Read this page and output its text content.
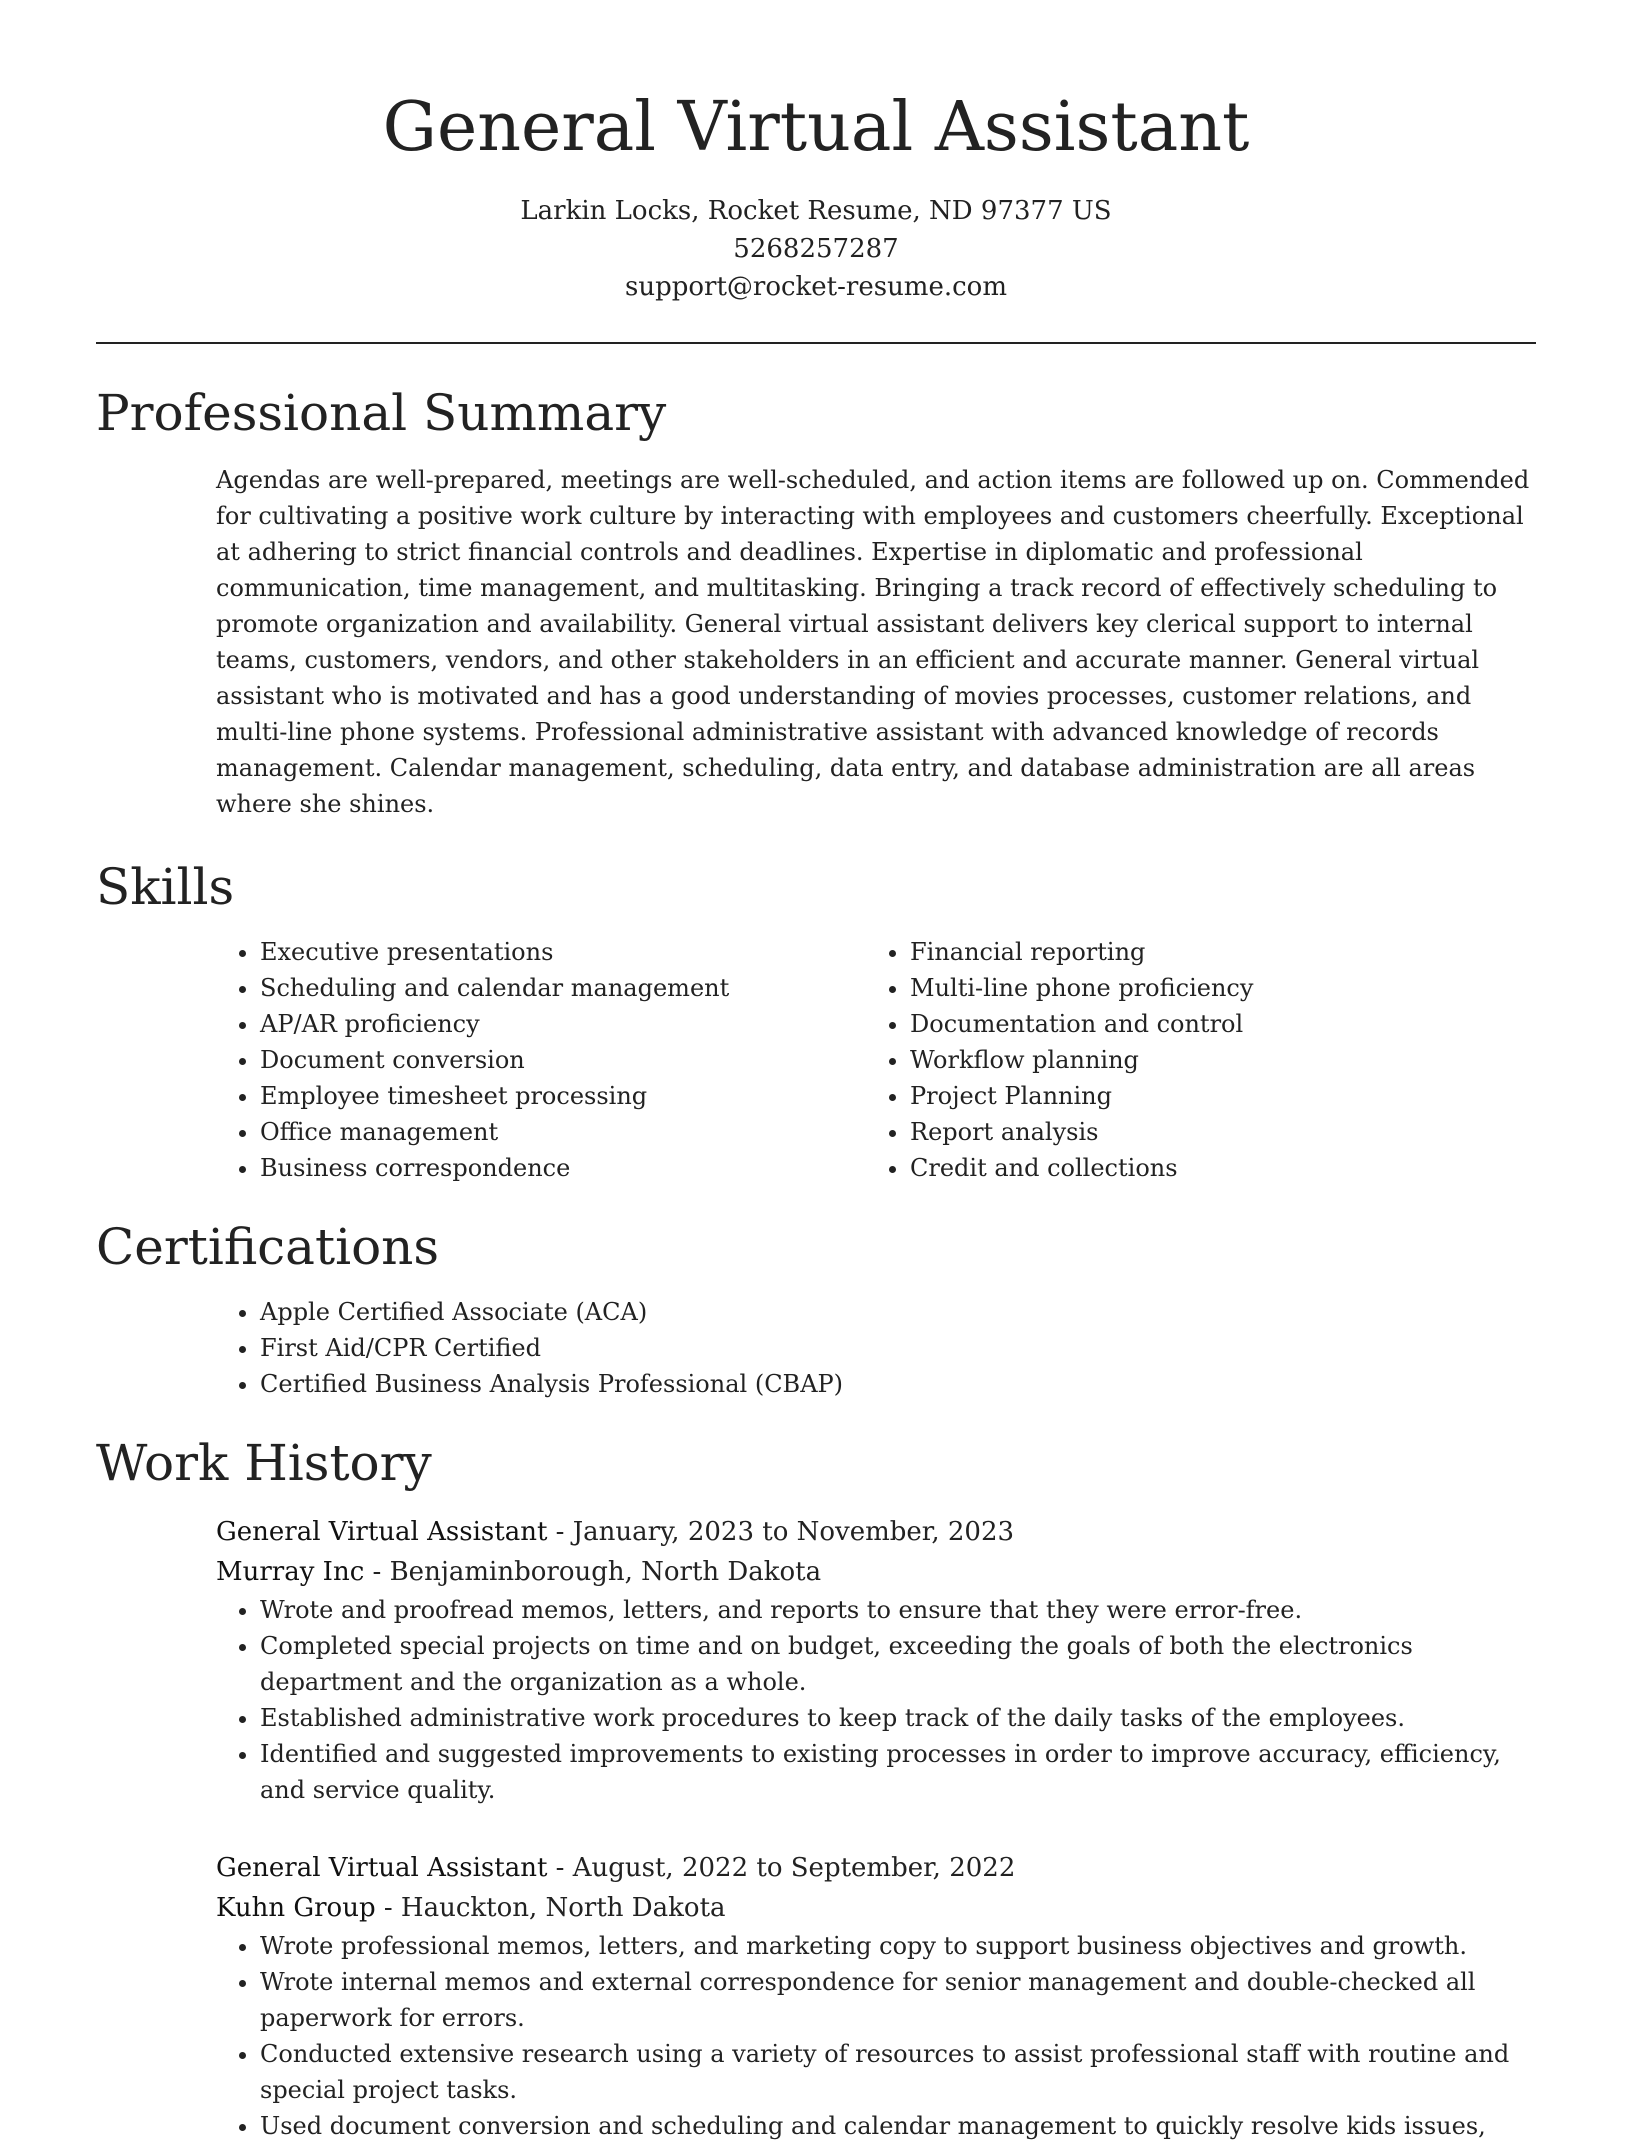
General Virtual Assistant
Larkin Locks, Rocket Resume, ND 97377 US
5268257287
support@rocket-resume.com
Professional Summary

Agendas are well-prepared, meetings are well-scheduled, and action items are followed up on. Commended for cultivating a positive work culture by interacting with employees and customers cheerfully. Exceptional at adhering to strict financial controls and deadlines. Expertise in diplomatic and professional communication, time management, and multitasking. Bringing a track record of effectively scheduling to promote organization and availability. General virtual assistant delivers key clerical support to internal teams, customers, vendors, and other stakeholders in an efficient and accurate manner. General virtual assistant who is motivated and has a good understanding of movies processes, customer relations, and multi-line phone systems. Professional administrative assistant with advanced knowledge of records management. Calendar management, scheduling, data entry, and database administration are all areas where she shines.

Skills
• Executive presentations
• Scheduling and calendar management
• AP/AR proficiency
• Document conversion
• Employee timesheet processing
• Office management
• Business correspondence
• Financial reporting
• Multi-line phone proficiency
• Documentation and control
• Workflow planning
• Project Planning
• Report analysis
• Credit and collections
Certifications
• Apple Certified Associate (ACA)
• First Aid/CPR Certified
• Certified Business Analysis Professional (CBAP)
Work History
General Virtual Assistant - January, 2023 to November, 2023
Murray Inc - Benjaminborough, North Dakota
• Wrote and proofread memos, letters, and reports to ensure that they were error-free.
• Completed special projects on time and on budget, exceeding the goals of both the electronics department and the organization as a whole.
• Established administrative work procedures to keep track of the daily tasks of the employees.
• Identified and suggested improvements to existing processes in order to improve accuracy, efficiency, and service quality.
General Virtual Assistant - August, 2022 to September, 2022
Kuhn Group - Hauckton, North Dakota
• Wrote professional memos, letters, and marketing copy to support business objectives and growth.
• Wrote internal memos and external correspondence for senior management and double-checked all paperwork for errors.
• Conducted extensive research using a variety of resources to assist professional staff with routine and special project tasks.
• Used document conversion and scheduling and calendar management to quickly resolve kids issues,
